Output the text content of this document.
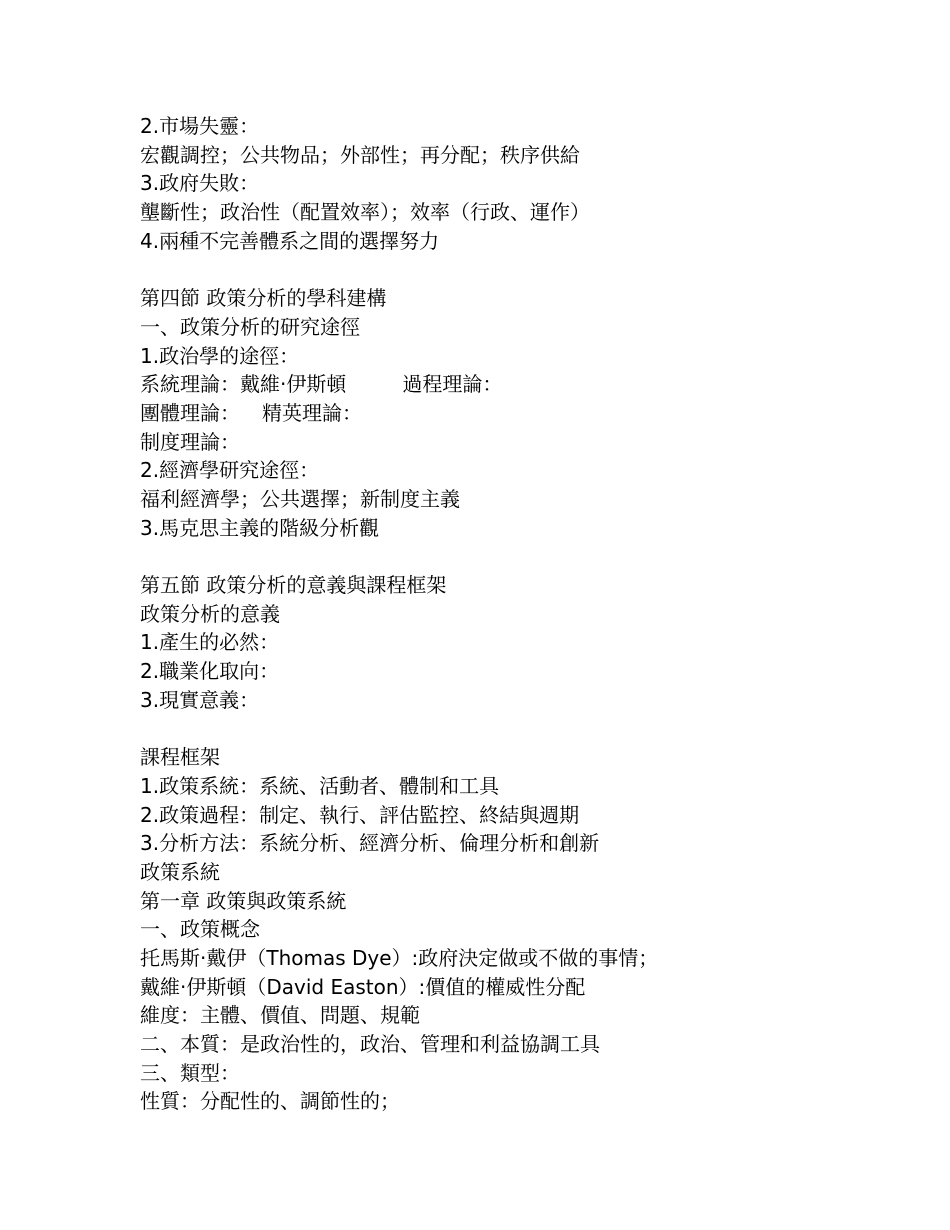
2.市場失靈：
宏觀調控；公共物品；外部性；再分配；秩序供給
3.政府失敗：
壟斷性；政治性（配置效率）；效率（行政、運作）
4.兩種不完善體系之間的選擇努力
第四節 政策分析的學科建構
一、政策分析的研究途徑
1.政治學的途徑：
系統理論：戴維·伊斯頓	過程理論：
團體理論： 精英理論：
制度理論：
2.經濟學研究途徑：
福利經濟學；公共選擇；新制度主義
3.馬克思主義的階級分析觀
第五節 政策分析的意義與課程框架
政策分析的意義
1.產生的必然：
2.職業化取向：
3.現實意義：
課程框架
1.政策系統：系統、活動者、體制和工具
2.政策過程：制定、執行、評估監控、終結與週期
3.分析方法：系統分析、經濟分析、倫理分析和創新
政策系統
第一章 政策與政策系統
一、政策概念
托馬斯·戴伊（Thomas Dye）:政府決定做或不做的事情；
戴維·伊斯頓（David Easton）:價值的權威性分配
維度：主體、價值、問題、規範
二、本質：是政治性的，政治、管理和利益協調工具
三、類型：
性質：分配性的、調節性的；
